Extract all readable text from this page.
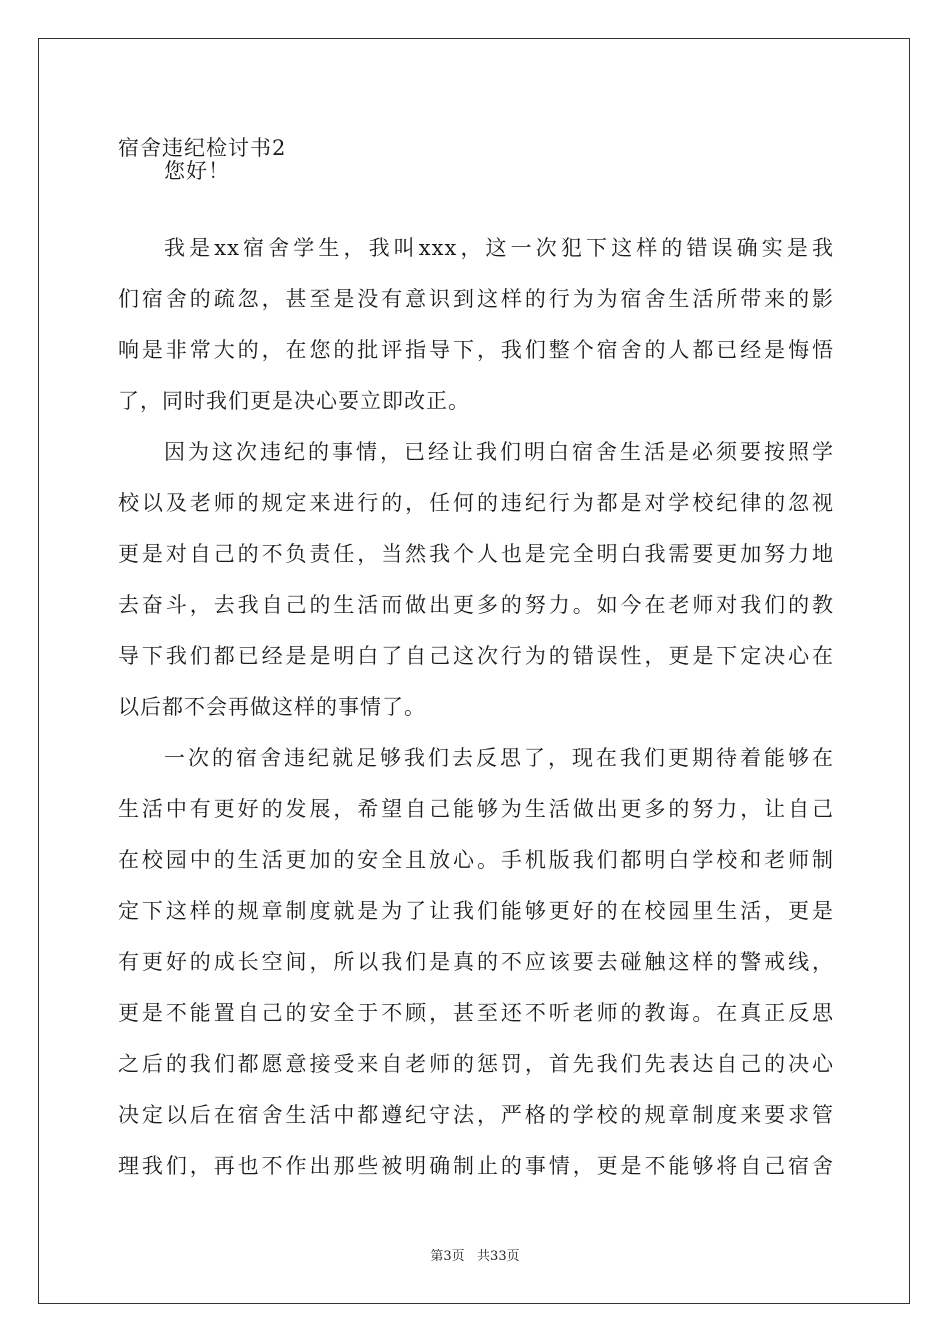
宿舍违纪检讨书2
您好！
我是xx宿舍学生，我叫xxx，这一次犯下这样的错误确实是我
们宿舍的疏忽，甚至是没有意识到这样的行为为宿舍生活所带来的影
响是非常大的，在您的批评指导下，我们整个宿舍的人都已经是悔悟
了，同时我们更是决心要立即改正。
因为这次违纪的事情，已经让我们明白宿舍生活是必须要按照学
校以及老师的规定来进行的，任何的违纪行为都是对学校纪律的忽视
更是对自己的不负责任，当然我个人也是完全明白我需要更加努力地
去奋斗，去我自己的生活而做出更多的努力。如今在老师对我们的教
导下我们都已经是是明白了自己这次行为的错误性，更是下定决心在
以后都不会再做这样的事情了。
一次的宿舍违纪就足够我们去反思了，现在我们更期待着能够在
生活中有更好的发展，希望自己能够为生活做出更多的努力，让自己
在校园中的生活更加的安全且放心。手机版我们都明白学校和老师制
定下这样的规章制度就是为了让我们能够更好的在校园里生活，更是
有更好的成长空间，所以我们是真的不应该要去碰触这样的警戒线，
更是不能置自己的安全于不顾，甚至还不听老师的教诲。在真正反思
之后的我们都愿意接受来自老师的惩罚，首先我们先表达自己的决心
决定以后在宿舍生活中都遵纪守法，严格的学校的规章制度来要求管
理我们，再也不作出那些被明确制止的事情，更是不能够将自己宿舍
第3页   共33页
